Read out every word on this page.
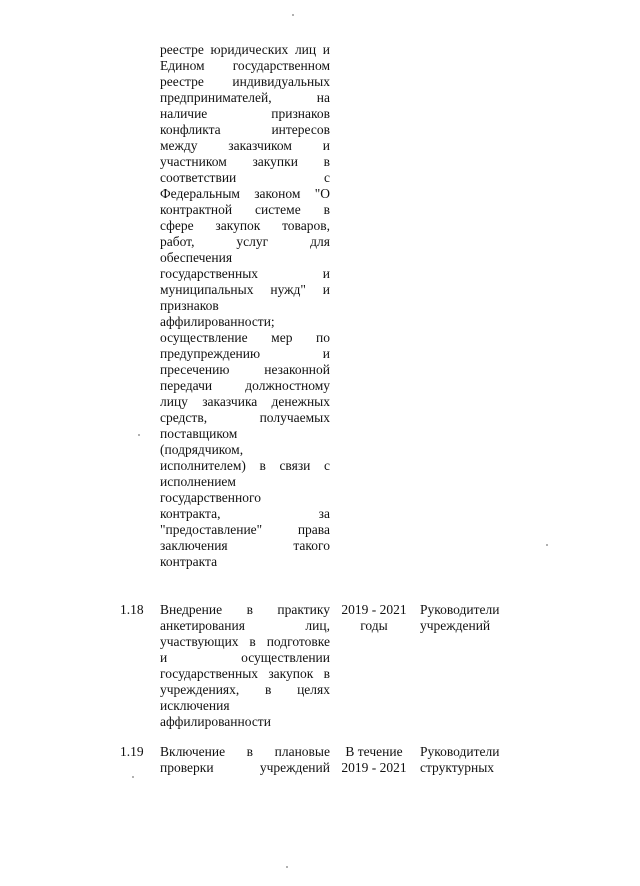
реестре юридических лиц и
Едином государственном
реестре индивидуальных
предпринимателей, на
наличие признаков
конфликта интересов
между заказчиком и
участником закупки в
соответствии с
Федеральным законом "О
контрактной системе в
сфере закупок товаров,
работ, услуг для
обеспечения
государственных и
муниципальных нужд" и
признаков
аффилированности;
осуществление мер по
предупреждению и
пресечению незаконной
передачи должностному
лицу заказчика денежных
средств, получаемых
поставщиком
(подрядчиком,
исполнителем) в связи с
исполнением
государственного
контракта, за
"предоставление" права
заключения такого
контракта
1.18	Внедрение в практику
анкетирования лиц,
участвующих в подготовке
и осуществлении
государственных закупок в
учреждениях, в целях
исключения
аффилированности
2019 - 2021
годы
Руководители
учреждений
1.19	Включение в плановые
проверки учреждений
В течение
2019 - 2021
Руководители
структурных
